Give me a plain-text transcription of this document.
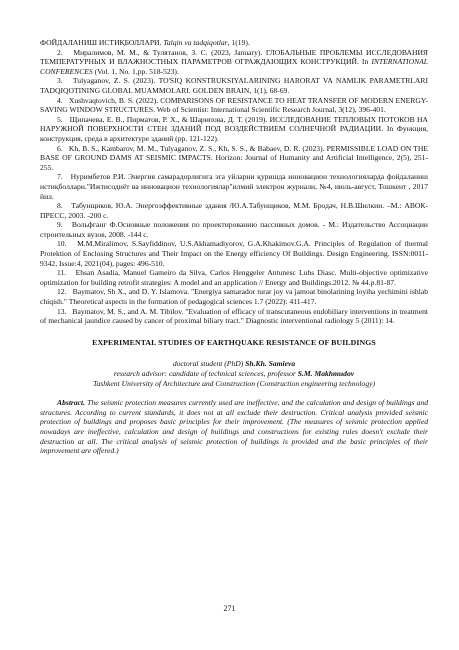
ФОЙДАЛАНИШ ИСТИҚБОЛЛАРИ. Talqin va tadqiqotlar, 1(19).

2. Миралимов, М. М., & Тулятанов, З. С. (2023, January). ГЛОБАЛЬНЫЕ ПРОБЛЕМЫ ИССЛЕДОВАНИЯ ТЕМПЕРАТУРНЫХ И ВЛАЖНОСТНЫХ ПАРАМЕТРОВ ОГРАЖДАЮЩИХ КОНСТРУКЦИЙ. In INTERNATIONAL CONFERENCES (Vol. 1, No. 1,pp. 518-523).

3. Tulyaganov, Z. S. (2023). TO'SIQ KONSTRUKSIYALARINING HARORAT VA NAMLIK PARAMETRLARI TADQIQOTINING GLOBAL MUAMMOLARI. GOLDEN BRAIN, 1(1), 68-69.

4. Xushvaqtovich, B. S. (2022). COMPARISONS OF RESISTANCE TO HEAT TRANSFER OF MODERN ENERGY-SAVING WINDOW STRUCTURES. Web of Scientist: International Scientific Research Journal, 3(12), 396-401.

5. Щипачева, Е. В., Пирматов, Р. Х., & Шарипова, Д. Т. (2019). ИССЛЕДОВАНИЕ ТЕПЛОВЫХ ПОТОКОВ НА НАРУЖНОЙ ПОВЕРХНОСТИ СТЕН ЗДАНИЙ ПОД ВОЗДЕЙСТВИЕМ СОЛНЕЧНОЙ РАДИАЦИИ. In Функция, конструкция, среда в архитектуре зданий (pp. 121-122).

6. Kh, B. S., Kambarov, M. M., Tulyaganov, Z. S., Kh, S. S., & Babaev, D. R. (2023). PERMISSIBLE LOAD ON THE BASE OF GROUND DAMS AT SEISMIC IMPACTS. Horizon: Journal of Humanity and Artificial Intelligence, 2(5), 251-255.

7. Нуримбетов Р.И. Энергия самарадорлигига эга уйларни қуришда инновацион технологияларда фойдаланиш истиқболлари."Ижтисодиёт ва инновацион технологиялар"илмий электрон журнали, №4, июль-август, Тошкент , 2017 йил.

8. Табунщиков, Ю.А. Энергоэффективные здания /Ю.А.Табунщиков, М.М. Бродач, Н.В.Шилкин. –М.: АВОК-ПРЕСС, 2003. -200 с.

9. Вольфганг Ф.Основные положения по проектированию пассивных домов. - М.: Издательство Ассоциации строительных вузов, 2008. -144 с.

10. M.M.Miralimov, S.Sayfiddinov, U.S.Akhamadiyorov, G.A.Khakimov.G.A. Principles of Regulation of thermal Protektion of Enclosing Structures and Their Impact on the Energy efficiency Of Buildings. Design Engineering. ISSN:0011-9342, Issue:4, 2021(04), pages: 496-510.

11. Ehsan Asadia, Manuel Gameiro da Silva, Carlos Henggeler Antunesc Luhs Diasc. Multi-objective optimizative optimization for building retrofit strategies: A model and an application // Energy and Buildings.2012. № 44.p.81-87.

12. Baymatov, Sh X., and D. Y. Islamova. "Energiya samarador turar joy va jamoat binolarining loyiha yechimini ishlab chiqish." Theoretical aspects in the formation of pedagogical sciences 1.7 (2022): 411-417.

13. Baymatov, M. S., and A. M. Tibilov. "Evaluation of efficacy of transcutaneous endobiliary interventions in treatment of mechanical jaundice caused by cancer of proximal biliary tract." Diagnostic interventional radiology 5 (2011): 14.

EXPERIMENTAL STUDIES OF EARTHQUAKE RESISTANCE OF BUILDINGS
doctoral student (PhD) Sh.Kh. Samieva
research advisor: candidate of technical sciences, professor S.M. Makhmudov
Tashkent University of Architecture and Construction (Construction engineering technology)

Abstract. The seismic protection measures currently used are ineffective, and the calculation and design of buildings and structures. According to current standards, it does not at all exclude their destruction. Critical analysis provided seismic protection of buildings and proposes basic principles for their improvement. (The measures of seismic protection applied nowadays are ineffective, calculation and design of buildings and constructions for existing rules doesn't exclude their destruction at all. The critical analysis of seismic protection of buildings is provided and the basic principles of their improvement are offered.)

271
